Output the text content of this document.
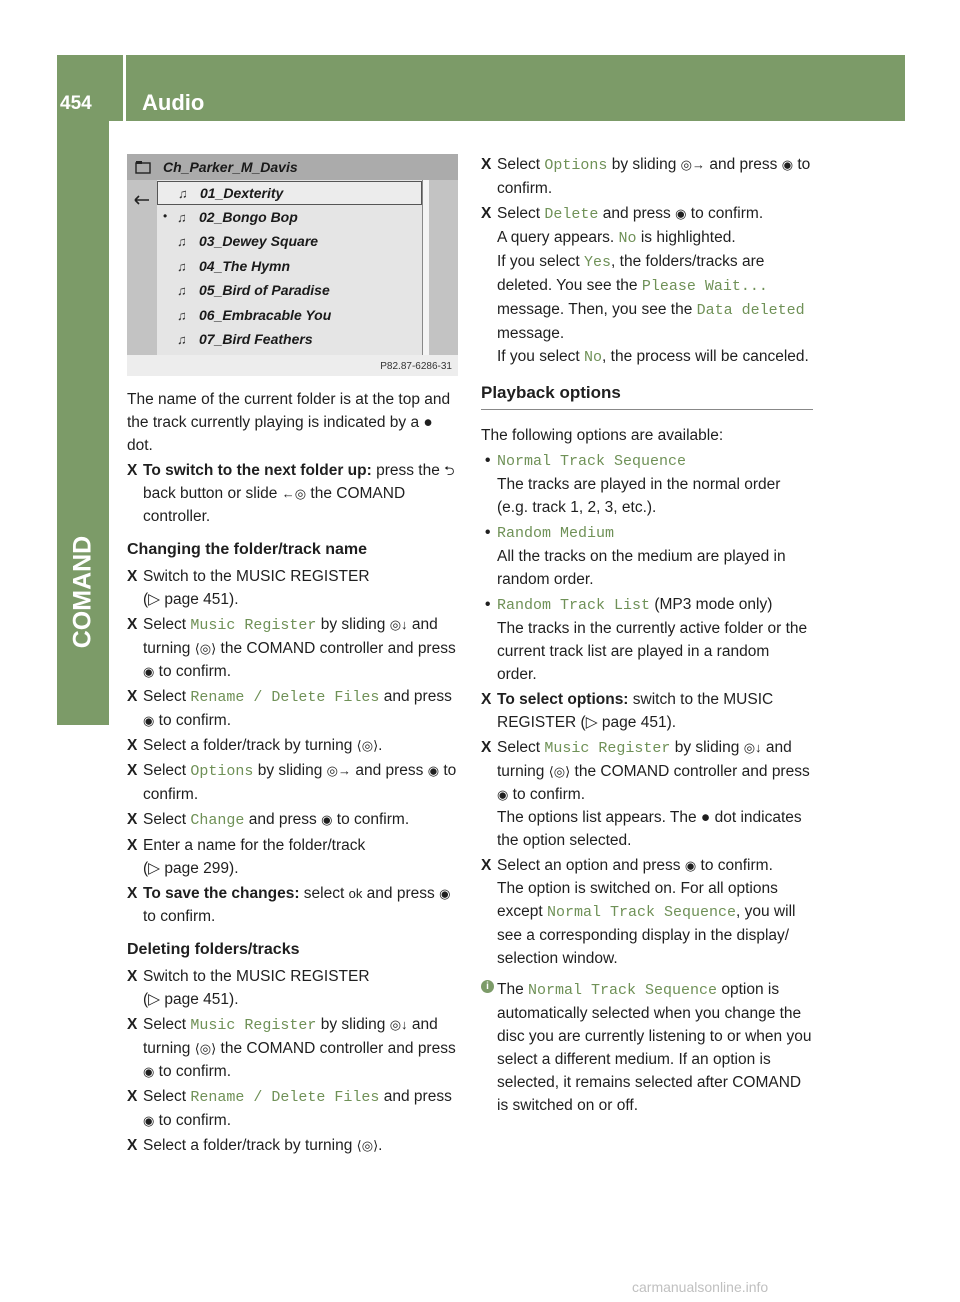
454 Audio
COMAND
Ch_Parker_M_Davis
P82.87-6286-31
♫ 01_Dexterity
• ♫ 02_Bongo Bop
♫ 03_Dewey Square
♫ 04_The Hymn
♫ 05_Bird of Paradise
♫ 06_Embracable You
♫ 07_Bird Feathers

The name of the current folder is at the top and the track currently playing is indicated by a ● dot.

X To switch to the next folder up: press the ⮌ back button or slide ←◎ the COMAND controller.
Changing the folder/track name
X Switch to the MUSIC REGISTER
(▷ page 451).
X Select Music Register by sliding ◎↓ and turning ⟨◎⟩ the COMAND controller and press ◉ to confirm.
X Select Rename / Delete Files and press ◉ to confirm.
X Select a folder/track by turning ⟨◎⟩.
X Select Options by sliding ◎→ and press ◉ to confirm.
X Select Change and press ◉ to confirm.
X Enter a name for the folder/track
(▷ page 299).
X To save the changes: select ok and press ◉ to confirm.
Deleting folders/tracks
X Switch to the MUSIC REGISTER
(▷ page 451).
X Select Music Register by sliding ◎↓ and turning ⟨◎⟩ the COMAND controller and press ◉ to confirm.
X Select Rename / Delete Files and press ◉ to confirm.
X Select a folder/track by turning ⟨◎⟩.
X Select Options by sliding ◎→ and press ◉ to confirm.
X Select Delete and press ◉ to confirm.
A query appears. No is highlighted.
If you select Yes, the folders/tracks are deleted. You see the Please Wait... message. Then, you see the Data deleted message.
If you select No, the process will be canceled.
Playback options

The following options are available:

• Normal Track Sequence
The tracks are played in the normal order (e.g. track 1, 2, 3, etc.).
• Random Medium
All the tracks on the medium are played in random order.
• Random Track List (MP3 mode only)
The tracks in the currently active folder or the current track list are played in a random order.
X To select options: switch to the MUSIC REGISTER (▷ page 451).
X Select Music Register by sliding ◎↓ and turning ⟨◎⟩ the COMAND controller and press ◉ to confirm.
The options list appears. The ● dot indicates the option selected.
X Select an option and press ◉ to confirm.
The option is switched on. For all options except Normal Track Sequence, you will see a corresponding display in the display/ selection window.
i The Normal Track Sequence option is automatically selected when you change the disc you are currently listening to or when you select a different medium. If an option is selected, it remains selected after COMAND is switched on or off.
carmanualsonline.info
